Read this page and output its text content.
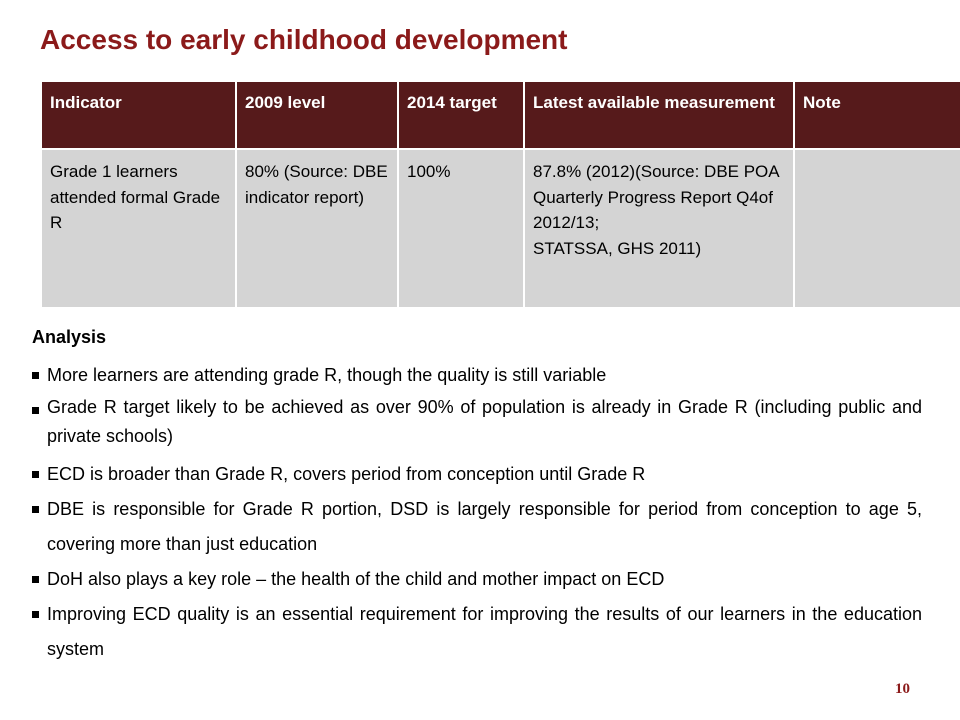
Access to early childhood development
Indicator	2009 level	2014 target	Latest available measurement	Note
Grade 1 learners attended formal Grade R	80% (Source: DBE indicator report)	100%	87.8% (2012)(Source: DBE POA Quarterly Progress Report Q4of 2012/13;
STATSSA, GHS 2011)	
Analysis
More learners are attending grade R, though the quality is still variable
Grade R target likely to be achieved as over 90% of population is already in Grade R (including public and private schools)
ECD is broader than Grade R, covers period from conception until Grade R
DBE is responsible for Grade R portion, DSD is largely responsible for period from conception to age 5, covering more than just education
DoH also plays a key role – the health of the child and mother impact on ECD
Improving ECD quality is an essential requirement for improving the results of our learners in the education system
10
